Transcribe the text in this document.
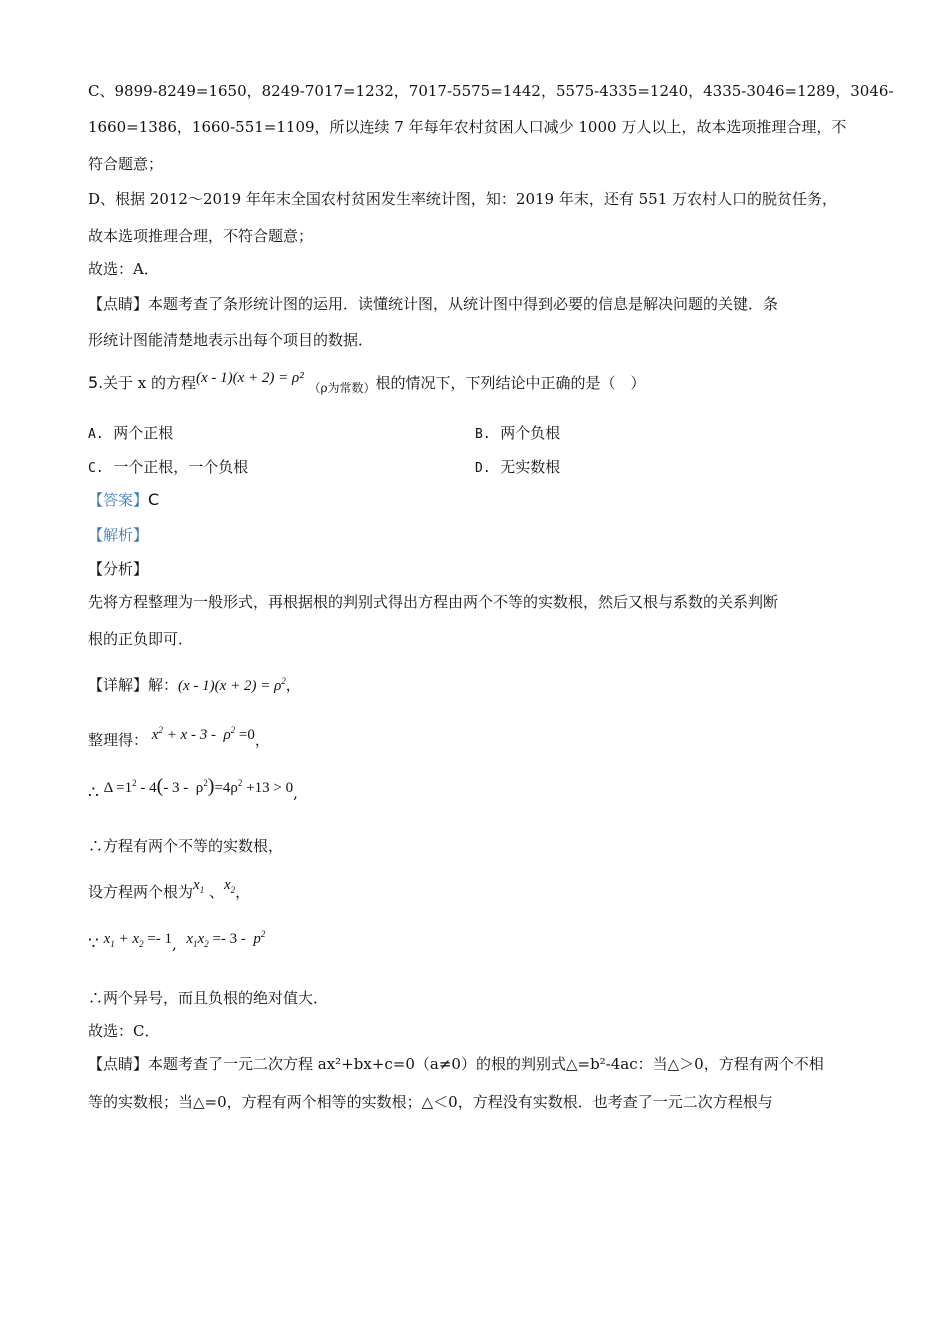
C、9899-8249=1650，8249-7017=1232，7017-5575=1442，5575-4335=1240，4335-3046=1289，3046-
1660=1386，1660-551=1109，所以连续 7 年每年农村贫困人口减少 1000 万人以上，故本选项推理合理，不
符合题意；
D、根据 2012～2019 年年末全国农村贫困发生率统计图，知：2019 年末，还有 551 万农村人口的脱贫任务，
故本选项推理合理，不符合题意；
故选：A．
【点睛】本题考查了条形统计图的运用．读懂统计图，从统计图中得到必要的信息是解决问题的关键．条
形统计图能清楚地表示出每个项目的数据．
5.关于 x 的方程(x - 1)(x + 2) = ρ² $_{(\rho 为常数)}$根的情况下，下列结论中正确的是（　）
A. 两个正根	B. 两个负根
C. 一个正根，一个负根	D. 无实数根
【答案】C
【解析】
【分析】
先将方程整理为一般形式，再根据根的判别式得出方程由两个不等的实数根，然后又根与系数的关系判断
根的正负即可．
【详解】解：$(x - 1)(x + 2) = \rho^2$，
整理得： $x^2 + x - 3 - \rho^2 =0$，
∴ $\Delta =1^2 - 4(-$ $3 - \rho^2)=4\rho^2 +13 > 0$,
∴方程有两个不等的实数根，
设方程两个根为$x_1$ 、$x_2$，
∵ $x_1 + x_2 =- 1$,  $x_1x_2 =- 3 - p^2$
∴两个异号，而且负根的绝对值大．
故选：C．
【点睛】本题考查了一元二次方程 ax²+bx+c=0（a≠0）的根的判别式△=b²-4ac：当△＞0，方程有两个不相
等的实数根；当△=0，方程有两个相等的实数根；△＜0，方程没有实数根．也考查了一元二次方程根与
